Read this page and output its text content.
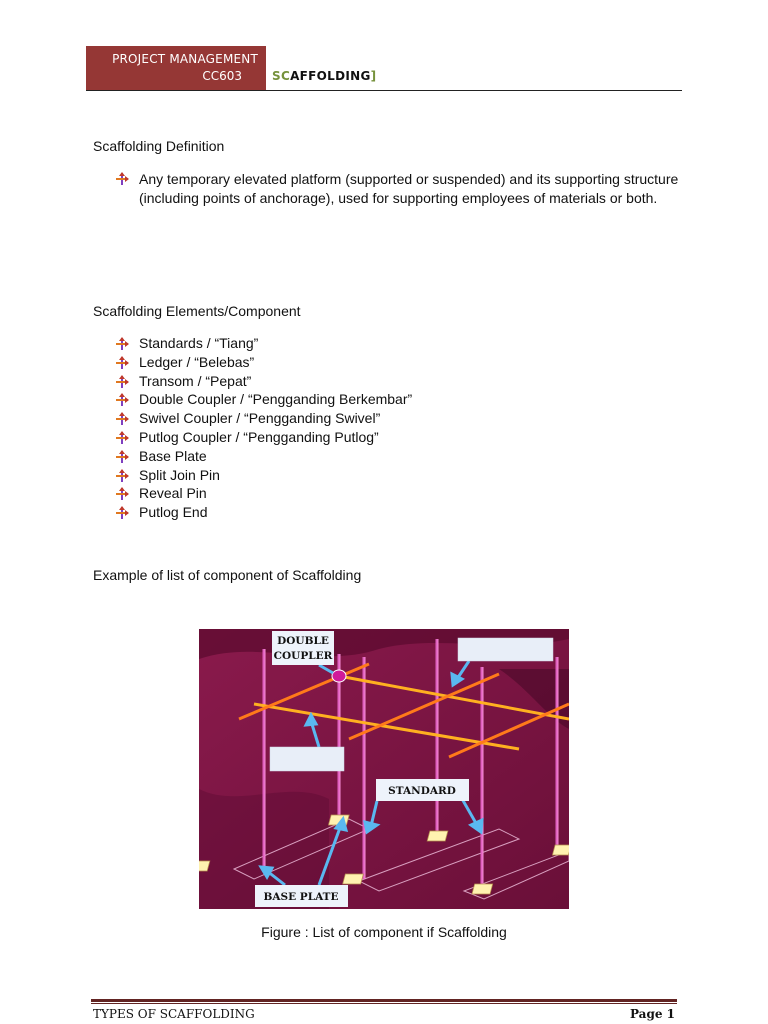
PROJECT MANAGEMENT
CC603	SCAFFOLDING]
Scaffolding Definition
Any temporary elevated platform (supported or suspended) and its supporting structure (including points of anchorage), used for supporting employees of materials or both.
Scaffolding Elements/Component
Standards / “Tiang”
Ledger / “Belebas”
Transom / “Pepat”
Double Coupler / “Pengganding Berkembar”
Swivel Coupler / “Pengganding Swivel”
Putlog Coupler / “Pengganding Putlog”
Base Plate
Split Join Pin
Reveal Pin
Putlog End
Example of list of component of Scaffolding
DOUBLE
COUPLER
STANDARD
BASE PLATE
Figure : List of component if Scaffolding
TYPES OF SCAFFOLDING	Page 1
